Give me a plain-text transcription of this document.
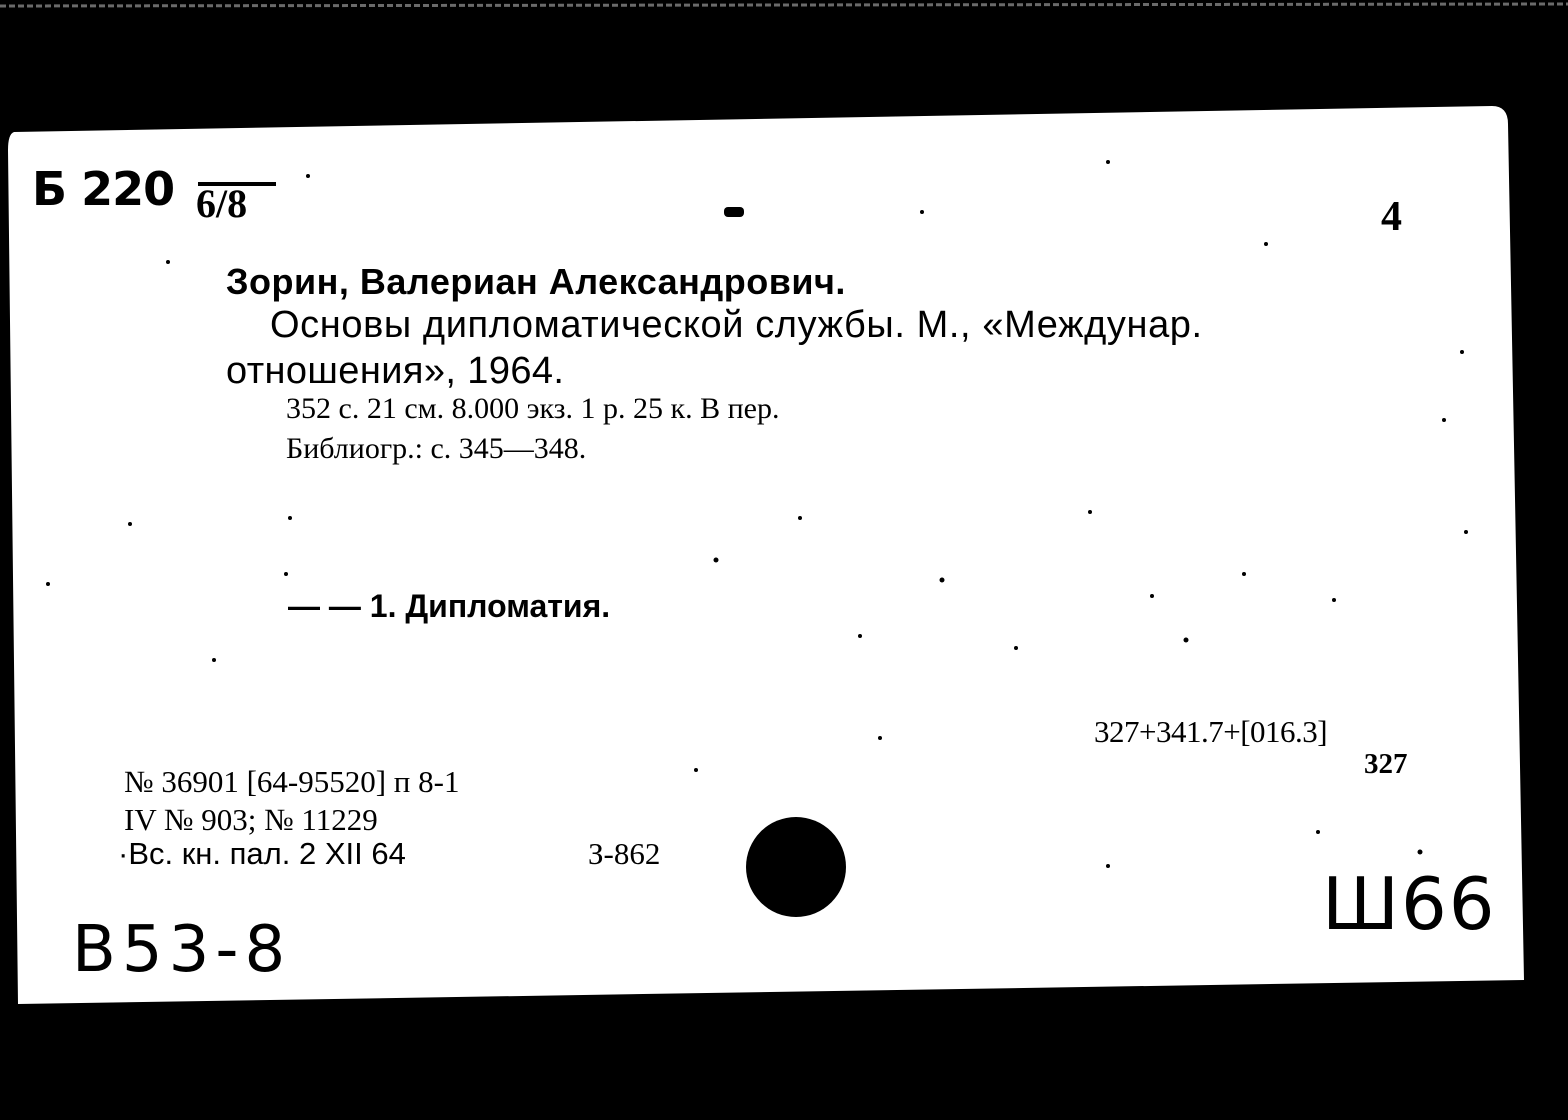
Б 220 6/8	4
Зорин, Валериан Александрович.
Основы дипломатической службы. М., «Междунар.
отношения», 1964.
352 с. 21 см. 8.000 экз. 1 р. 25 к. В пер.
Библиогр.: с. 345—348.
— — 1. Дипломатия.
327+341.7+[016.3]
327
№ 36901 [64-95520] п 8-1
IV № 903; № 11229
·Вс. кн. пал. 2 XII 64	З-862
B53-8
Ш66
